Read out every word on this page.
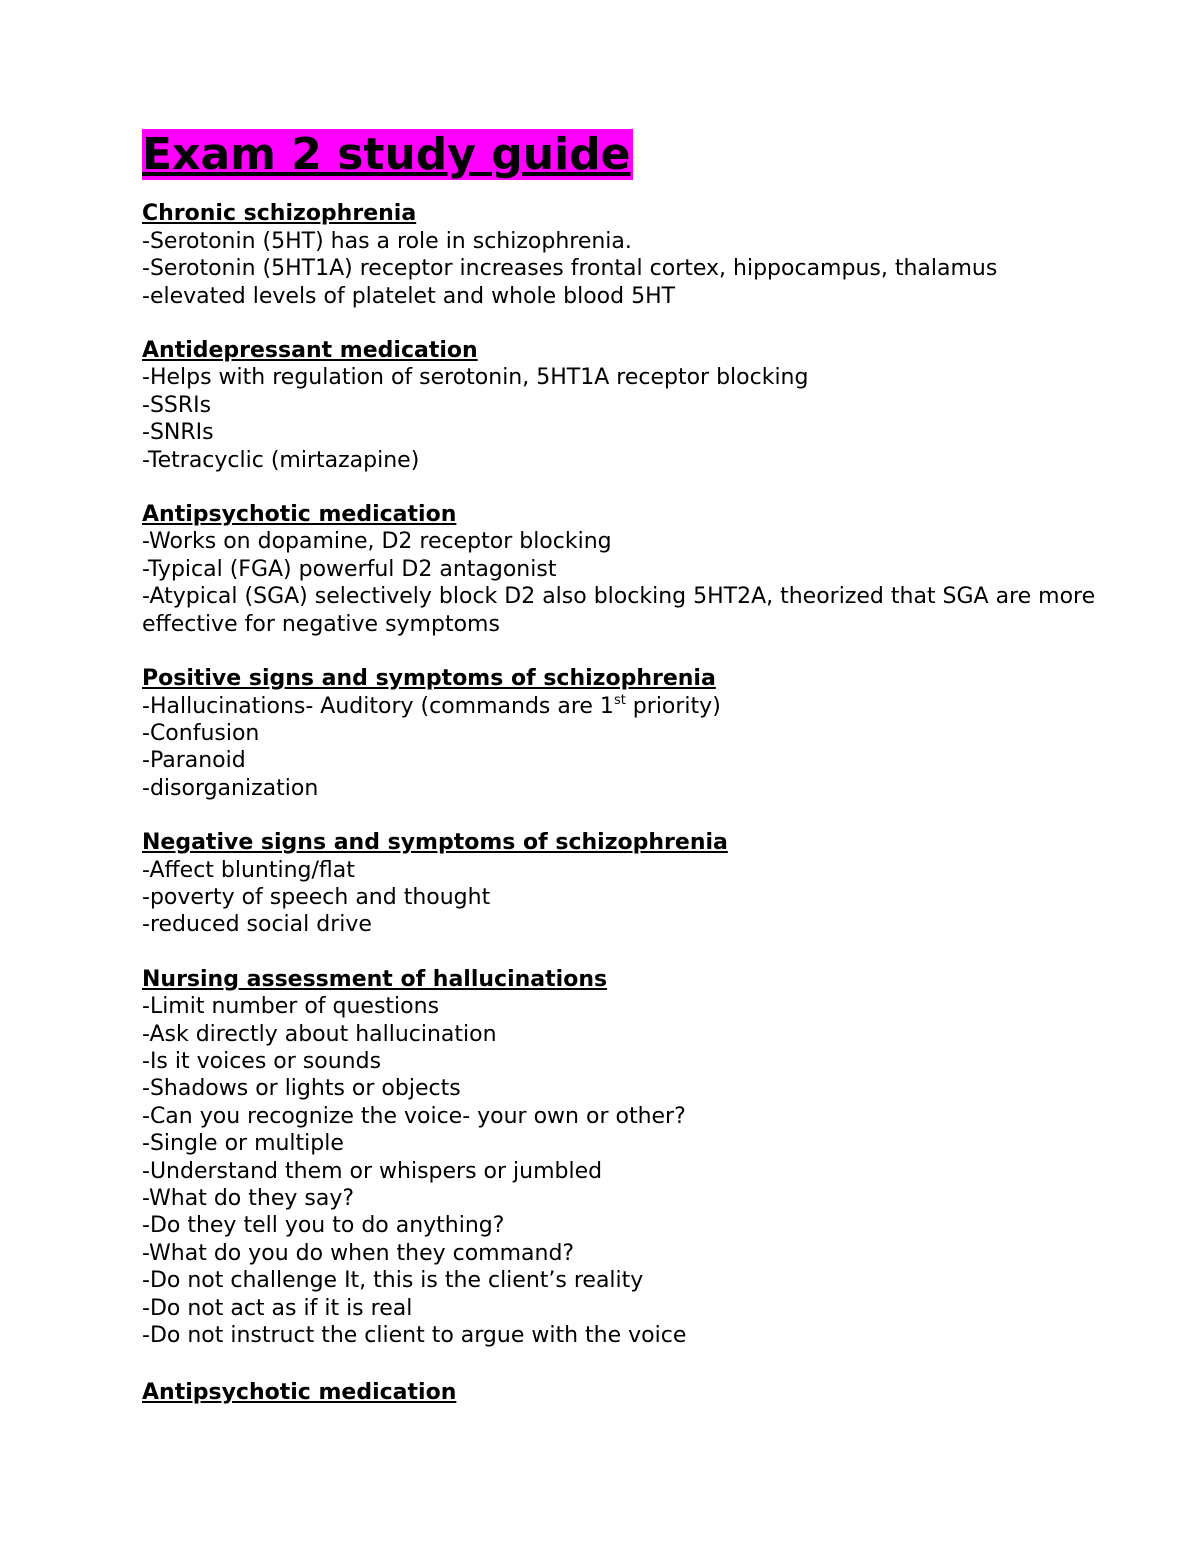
Exam 2 study guide

Chronic schizophrenia

-Serotonin (5HT) has a role in schizophrenia.
-Serotonin (5HT1A) receptor increases frontal cortex, hippocampus, thalamus
-elevated levels of platelet and whole blood 5HT

Antidepressant medication

-Helps with regulation of serotonin, 5HT1A receptor blocking
-SSRIs
-SNRIs
-Tetracyclic (mirtazapine)

Antipsychotic medication

-Works on dopamine, D2 receptor blocking
-Typical (FGA) powerful D2 antagonist
-Atypical (SGA) selectively block D2 also blocking 5HT2A, theorized that SGA are more effective for negative symptoms

Positive signs and symptoms of schizophrenia

-Hallucinations- Auditory (commands are 1st priority)
-Confusion
-Paranoid
-disorganization

Negative signs and symptoms of schizophrenia

-Affect blunting/flat
-poverty of speech and thought
-reduced social drive

Nursing assessment of hallucinations

-Limit number of questions
-Ask directly about hallucination
-Is it voices or sounds
-Shadows or lights or objects
-Can you recognize the voice- your own or other?
-Single or multiple
-Understand them or whispers or jumbled
-What do they say?
-Do they tell you to do anything?
-What do you do when they command?
-Do not challenge It, this is the client’s reality
-Do not act as if it is real
-Do not instruct the client to argue with the voice

Antipsychotic medication
